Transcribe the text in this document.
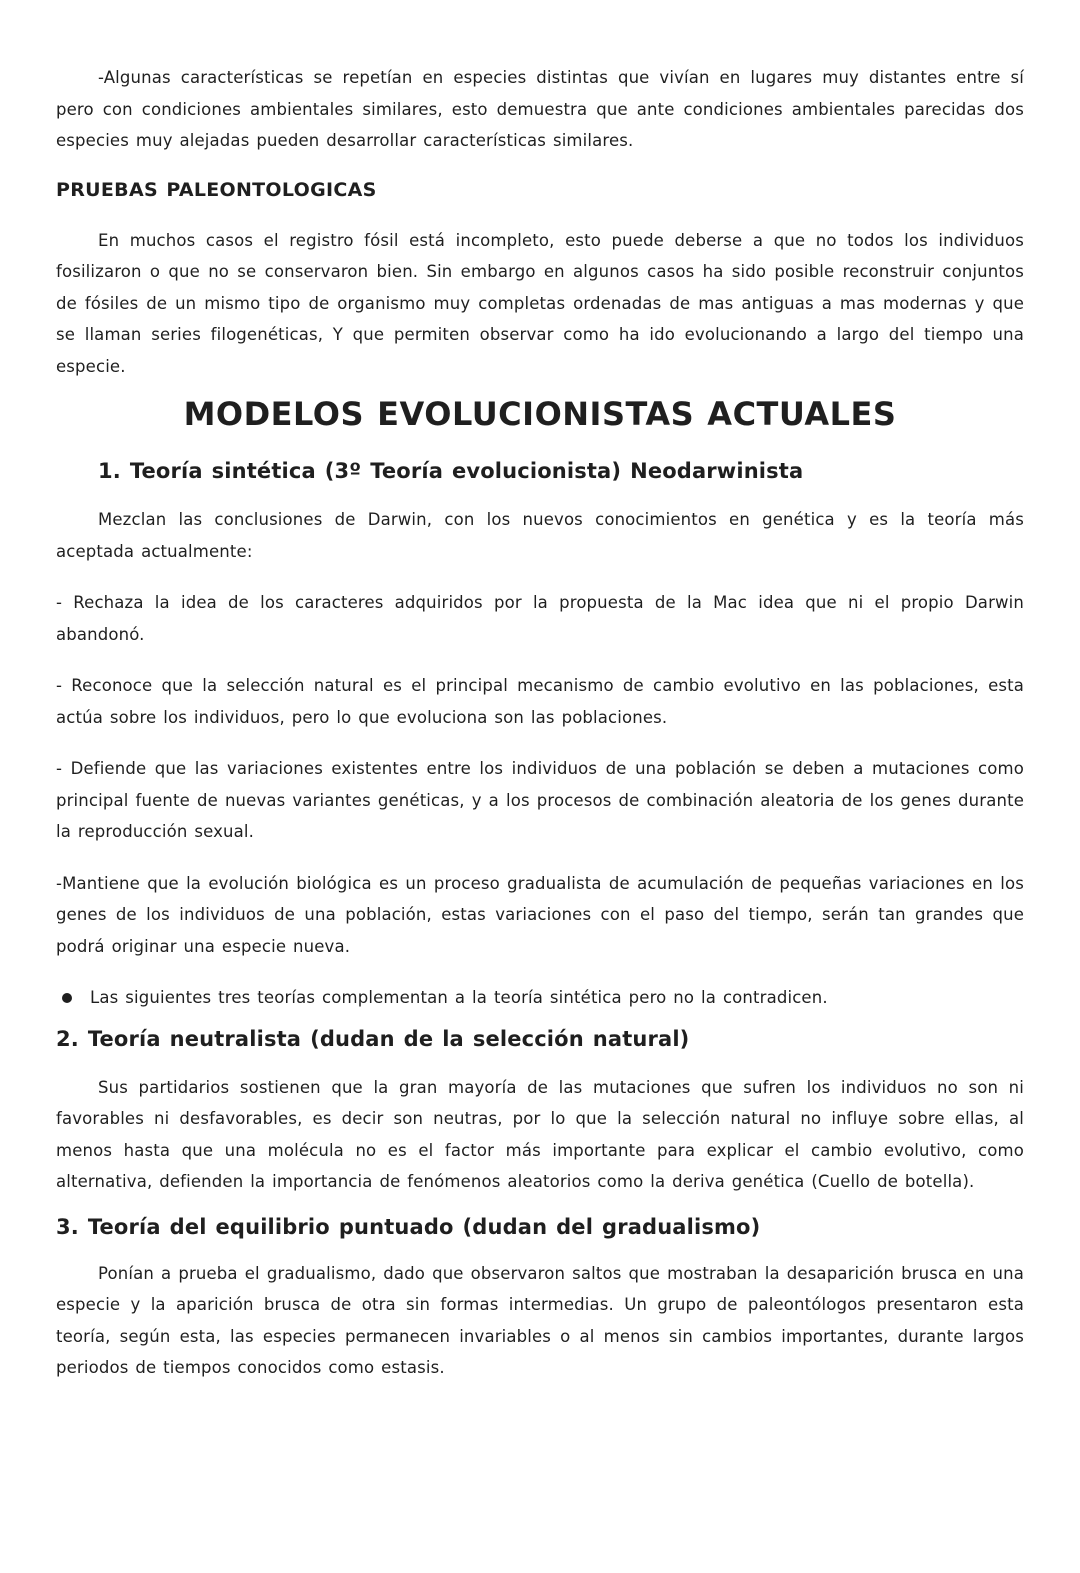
-Algunas características se repetían en especies distintas que vivían en lugares muy distantes entre sí pero con condiciones ambientales similares, esto demuestra que ante condiciones ambientales parecidas dos especies muy alejadas pueden desarrollar características similares.

PRUEBAS PALEONTOLOGICAS

En muchos casos el registro fósil está incompleto, esto puede deberse a que no todos los individuos fosilizaron o que no se conservaron bien. Sin embargo en algunos casos ha sido posible reconstruir conjuntos de fósiles de un mismo tipo de organismo muy completas ordenadas de mas antiguas a mas modernas y que se llaman series filogenéticas, Y que permiten observar como ha ido evolucionando a largo del tiempo una especie.

MODELOS EVOLUCIONISTAS ACTUALES
1. Teoría sintética (3º Teoría evolucionista) Neodarwinista

Mezclan las conclusiones de Darwin, con los nuevos conocimientos en genética y es la teoría más aceptada actualmente:

- Rechaza la idea de los caracteres adquiridos por la propuesta de la Mac idea que ni el propio Darwin abandonó.

- Reconoce que la selección natural es el principal mecanismo de cambio evolutivo en las poblaciones, esta actúa sobre los individuos, pero lo que evoluciona son las poblaciones.

- Defiende que las variaciones existentes entre los individuos de una población se deben a mutaciones como principal fuente de nuevas variantes genéticas, y a los procesos de combinación aleatoria de los genes durante la reproducción sexual.

-Mantiene que la evolución biológica es un proceso gradualista de acumulación de pequeñas variaciones en los genes de los individuos de una población, estas variaciones con el paso del tiempo, serán tan grandes que podrá originar una especie nueva.

Las siguientes tres teorías complementan a la teoría sintética pero no la contradicen.
2. Teoría neutralista (dudan de la selección natural)

Sus partidarios sostienen que la gran mayoría de las mutaciones que sufren los individuos no son ni favorables ni desfavorables, es decir son neutras, por lo que la selección natural no influye sobre ellas, al menos hasta que una molécula no es el factor más importante para explicar el cambio evolutivo, como alternativa, defienden la importancia de fenómenos aleatorios como la deriva genética (Cuello de botella).

3. Teoría del equilibrio puntuado (dudan del gradualismo)

Ponían a prueba el gradualismo, dado que observaron saltos que mostraban la desaparición brusca en una especie y la aparición brusca de otra sin formas intermedias. Un grupo de paleontólogos presentaron esta teoría, según esta, las especies permanecen invariables o al menos sin cambios importantes, durante largos periodos de tiempos conocidos como estasis.
